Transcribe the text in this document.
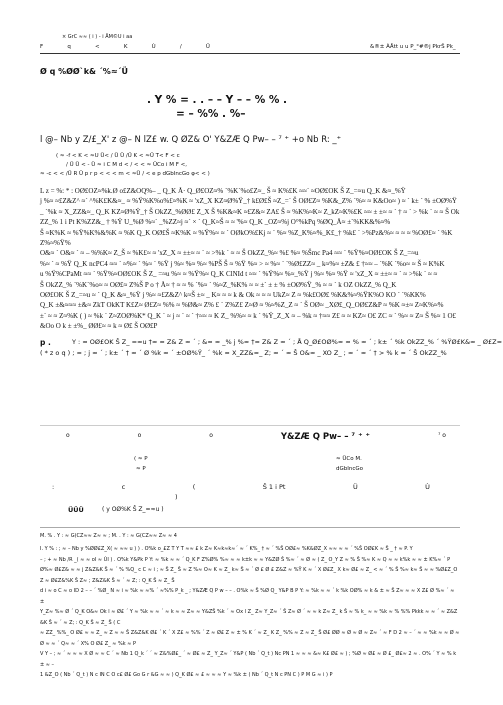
× GrC ≈≈ ( i ) - i ÅM©U i aa
F	q	<	K	Ù	/	Ü	&®± ÀÅtt u u P_°#®j PkrŠ Pk_
Ø q %ØØ`k& ´%≈´Ü
. Y % = . . – – Y – – % % .
= – %% . %–
l @– Nb y Z/£_X' z @– N lZ£ w. Q ØZ& O' Y&ZÆ Q Pw– – ⁷ ⁺ +o Nb R: _⁺
( ≈ -f < K < ≈U Ü< / Ü Ü /Ü K < ≈Ü T< F < c
/ Ü Ü < - Ü ≈ i C M d < / < < ≈ ÜCo i M F <,
≈ -c < < /Ü R Ü p r p < < < m < ≈Ü / < e p dGbIncGo φ< < )
L z = %: * : OØ£OZ≈%k.Ø o£Z&OQ%– _ Q_K Å· Q_Ø£OZ≈% ´%K´%o£Z≈_ Š ≈ K%£K ≈≈´ ≈OØ£OK Š Z_=≈u Q_K &≈_%Ÿ
j %≈ ≈£Z&Z^ ≈´ ^%K£K&≈_ ≈ %Ÿ%K%o%£≈%K ≈ 'xZ_X KZ≈Ø%Ÿ_† k£Ø£Š ≈Z_=´ Š OØ£Z≈ %K&_Z% ´%≈ ≈ K&Oo≈ ) ≈ ´ k± ´ % ±OØ%Ÿ_ ´%k ≈ X_ZZ&≈_ Q_K KZ≈Ø%Ÿ_† Š OkZZ_%ØØ£ Z_X Š %K&≈K ≈£Z&≈ ZA£ Š ≈ %K%≈K≈ Z_kZ≈K%£K ≈≈ ± ±≈ ≈ ´ † ≈ ´ > %k ´ ≈ ≈ Š OkZZ_% 1 i Pt K%ZZ&_ † %Ÿ U_%Ø %≈´ _%ZZ≈j ≈´ × ´ Q_K≈Š ≈ ≈ '%≈ Q_K _OZ≈%j O°%kPq %ØQ_Å≈ ±´%KK&%≈%
Š ≈K%K ≈ %Ÿ%K%&%K ≈ %K Q_K OØ£Š ≈K%K ≈ %Ÿ%≈ ≈ ´ OØkO%£Kj ≈ ´ %≈ %Z_K%≈%_K£_† %k£ ´ >%Pz&%≈ ≈ ≈ ≈ %OØ£≈ ´ %KZ%≈%Ÿ%
O&≈ ´ O&≈ ´ ≈ – %%K≈ Z_Š ≈ %K£≈ ≈ 'xZ_X ≈ ±±≈ ≈ ´ ≈ >%k ´ ≈ ≈ Š OkZZ_%≈ %£ %≈ %Šmc Pa4 ≈≈ ´ %Ÿ%≈OØ£OK Š Z_=≈u
%≈ ´ ≈ %Ÿ Q_K ncPC4 ≈≈ ´ ≈%≈ ´ %≈ ´ %Ÿ j %≈ %≈ %≈ %PŠ Š ≈ %Ÿ %≈ > ≈ %≈ ´ ´%Ø£ZZ≈ _ k≈%≈ ±Z& £ †≈≈ – ´%K ´%o≈ ≈ Š ≈ K%K
u %Ÿ%CPaMt ≈≈ ´ %Ÿ%≈OØ£OK Š Z_ =≈u %≈ ≈ %Ÿ%≈ Q_K ClNId t ≈≈ ´ %Ÿ%≈ %≈_%Ÿ j %≈ %≈ %Ÿ ≈ 'xZ_X ≈ ±±≈ ≈ ´ ≈ >%k ´ ≈ ≈
Š OkZZ_% ´%K´%o≈ ≈ OØ£≈ Z%Š P o † Å≈ † ≈ ≈ % ´%≈ ´ %≈Z_%K% ≈ ≈ ±´ ± ± % ±OØ%Ÿ_% ≈ ≈ ´ k OZ OkZZ_% Q_K
OØ£OK Š Z_=≈u ≈ ´ Q_K &≈_%Ÿ j %≈ ≈£Z&Z^ k≈Š ±≈ _ K≈ ≈ ≈ k & Ok ≈ ≈ ≈ UkZ≈ Z ≈ %k£OØ£ %K&%≈%ŸK%O KO ´ ´%KK%
Q_K ±&≈≈≈ ±&≈ ZkT OkKT K£Z≈ Ø£Z≈ %% ≈ %Ø&≈ Z% £ ´ Z%Z£ Z≈Ø ≈ %≈%Z_Z ≈ ´ Š OØ≈ _XØ£_Q_OØ£Z&P ≈ %K ≈±≈ Z≈K%≈%
±´ ≈ ≈ Z≈%K ( ) ≈ %k ´ Z≈ZOØ%K* Q_K ´ ≈ j ≈ ´ ≈ ´ †≈≈ ≈ K Z_ %%≈ ≈ k ´ %Ÿ_Z_X ≈ – %k ≈ †≈≈ Z£ ≈ ≈ KZ≈ O£ ZC ≈ ´ %≈ ≈ Z≈ Š %≈ 1 O£
&Oo O k ± ±%_ ØØ£≈ ≈ k ≈ Ø£ Š OØ£P
p .	Y : ≈ OØ£OK Š Z_ =≈u †≈ ≈ Z& Z ≈ ´ ; &≈ ≈ _% j %≈ †≈ Z& Z ≈ ´ ; Å Q_Ø£OØ%≈ ≈ % ≈ ´ ; k± ´ %k OkZZ_% ´ %ŸØ£K&≈ _ Ø£Z≈
( * z o q ) ; ≈ ; j ≈ ´ ; k± ´ † ≈ ´ Ø %k ≈ ´ ±OØ%Ÿ_ ´ %k ≈ X_ZZ&≈_ Z; ≈ ´ ≈ Š O&≈ _ XO Z_ ; ≈ ´ ≈ ´ † > % k ≈ ´ Š OkZZ_%
o	o	o	Y&ZÆ Q Pw– – ⁷ ⁺ ⁺	⁷ o
( ≈ P	≈ ÜCo M.
≈ P	dGbIncGo
:	c	(	Š 1 i Pt	Ü	Ù
)
ÜÜÜ	( y OØ%K Š Z_=≈u )
M. % . Y : ≈ G(CZ≈≈ Z≈ ≈ ; M. . Y : ≈ G(CZ≈≈ Z≈ ≈ 4
I. Y % : ; ≈ – Nb y %ØØ£Z_X( ≈ ≈≈ u ) ) . O%k o_£Z T Y T ≈≈ £ k Z≈ K≈k≈k≈´ ≈ ´ K%_ † ≈ ´ %Š OØ£≈ %K&ØZ_X ≈≈ ≈ ≈ ´ %Š OØ£K ≈ Š _ † ≈ P. Y
– ; + ≈ Nb /R _( ≈ ≈ oI ≈ ÙI ) . O%k Y&Pk P Y: ≈ %k ≈ ≈ ´ Q_K F Z%Ø% %≈ ≈ ≈ k±k ≈ ≈ Y&ZØ Š %≈ ´ ≈ Ø ≈ ( Z_ O_Y Z ≈ % Š %≈ K ≈ Q ≈ ≈ k%k ≈ ≈ ± K%≈ ´ P
Ø%≈ Ø£Z& ≈ ≈ j Z&Z&K Š ≈ ´ % %Q_ c C ≈ i ; ≈ Š Z_ Š ≈ Z %≈ O≈ K ≈ Z_ k≈ Š ≈ ´ Ø £ Ø £ Z&Z ≈ %Ÿ K ≈ ´ X Ø£Z_ X k≈ Ø£ ≈ Z_ < ≈ ´ % Š %≈ k≈ Š ≈ ≈ %Ø£Z_O Z ≈ Ø£Z&%K Š Z≈ ; Z&Z&K Š ≈ ´ ≈ Z; : Q_K Š ≈ Z_ Š
d i ≈ o C ≈ o ID 2 – – ´ %Ø_ N ≈ i ≈ %k ≈ ≈% ´ ≈%% P_k _ ; Y&ZÆ Q P w – – . O%k ≈ Š %Ø Q_ Y&P B P Y: ≈ %k ≈ ≈ ´ k %k OØ% ≈ k & ± ≈ Š Z≈ ≈ ≈ X Z£ Ø %≈ ´ ≈ ±
Y_Z≈ %≈ Ø ´ Q_K O&≈ Ok l ≈ Ø£ ´ Y ≈ %k ≈ ≈ ´ ≈ k ≈ ≈ Z≈ ≈ Y&ZŠ %k ´ ≈ Ox l Z_ Z≈ Y_Z≈ ´ Š Z≈ Ø ´ ≈ ≈ k Z≈ Z_ k Š ≈ % k_ ≈ ≈ %k ≈ % %% Pkkk ≈ ≈ ´ ≈ Z&Z&K Š ≈ ´ ≈ Z; : Q_K Š ≈ Z_ Š ( C
≈ ZZ_ %%_ O Ø£ ≈ ≈ Z_ ≈ Z ≈ ≈ Š Z&Z&K Ø£ ´ K ´ X Z£ ≈ %% ´ Z ≈ Ø£ Z ≈ ± % K ´ ≈ Z_ K Z_ %% ≈ Z ≈ Z_ Š Ø£ ØØ ≈ Ø ≈ Ø ≈ Z≈ ´ ≈ F D 2 ≈ – ´ ≈ ≈ %k ≈ ≈ Ø ≈ Ø ≈ ≈ ´ Q≈ ≈ ´ X% O Ø£ Z_ ≈ %k ≈ P
V Y – ; ≈ ´ ≈ ≈ ≈ X Ø ≈ ≈ C ´ ≈ Nb 1 Q_k ´ ´ ≈ Z&%Ø£_ ´ ≈ Ø£ ≈ Z_ Y_Z≈ ´ Y&P ( Nb ´ Q_t ) Nc PN 1 ≈ ≈ ≈ &≈ K£ Ø£ ≈ ) ; %Ø ≈ Ø£ ≈ Ø £_ Ø£≈ 2 ≈ . O% ´ Y ≈ % k ± ≈ –
1 &Z_O ( Nb ´ Q_t ) N c IN C O c£ Ø£ Go G r &G ≈ ≈ ) Q_K Ø£ ≈ £ ≈ ≈ ≈ Y ≈ %k ± ( Nb ´ Q_t N c PN C ) P M G ≈ i ) P
